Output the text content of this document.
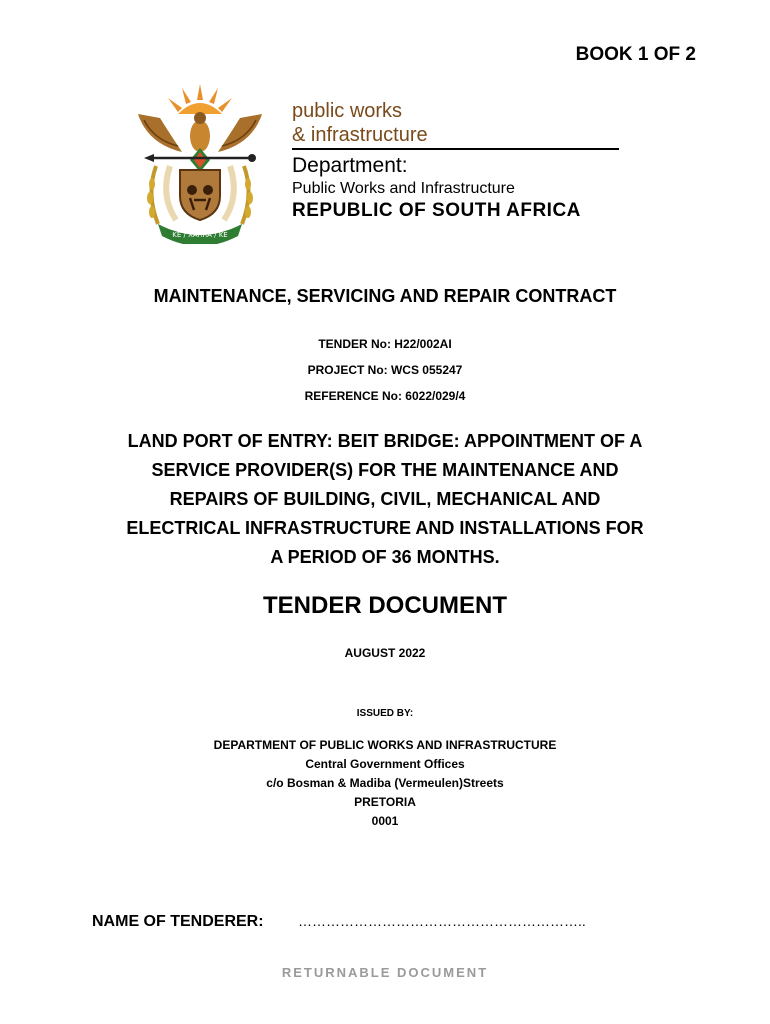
BOOK 1 OF 2
KE / XARRA / KE
public works
& infrastructure
Department:
Public Works and Infrastructure
REPUBLIC OF SOUTH AFRICA
MAINTENANCE, SERVICING AND REPAIR CONTRACT
TENDER No: H22/002AI
PROJECT No: WCS 055247
REFERENCE No: 6022/029/4
LAND PORT OF ENTRY: BEIT BRIDGE: APPOINTMENT OF A
SERVICE PROVIDER(S) FOR THE MAINTENANCE AND
REPAIRS OF BUILDING, CIVIL, MECHANICAL AND
ELECTRICAL INFRASTRUCTURE AND INSTALLATIONS FOR
A PERIOD OF 36 MONTHS.
TENDER DOCUMENT
AUGUST 2022
ISSUED BY:
DEPARTMENT OF PUBLIC WORKS AND INFRASTRUCTURE
Central Government Offices
c/o Bosman & Madiba (Vermeulen)Streets
PRETORIA
0001
NAME OF TENDERER: ……………………………………………………..
RETURNABLE DOCUMENT
